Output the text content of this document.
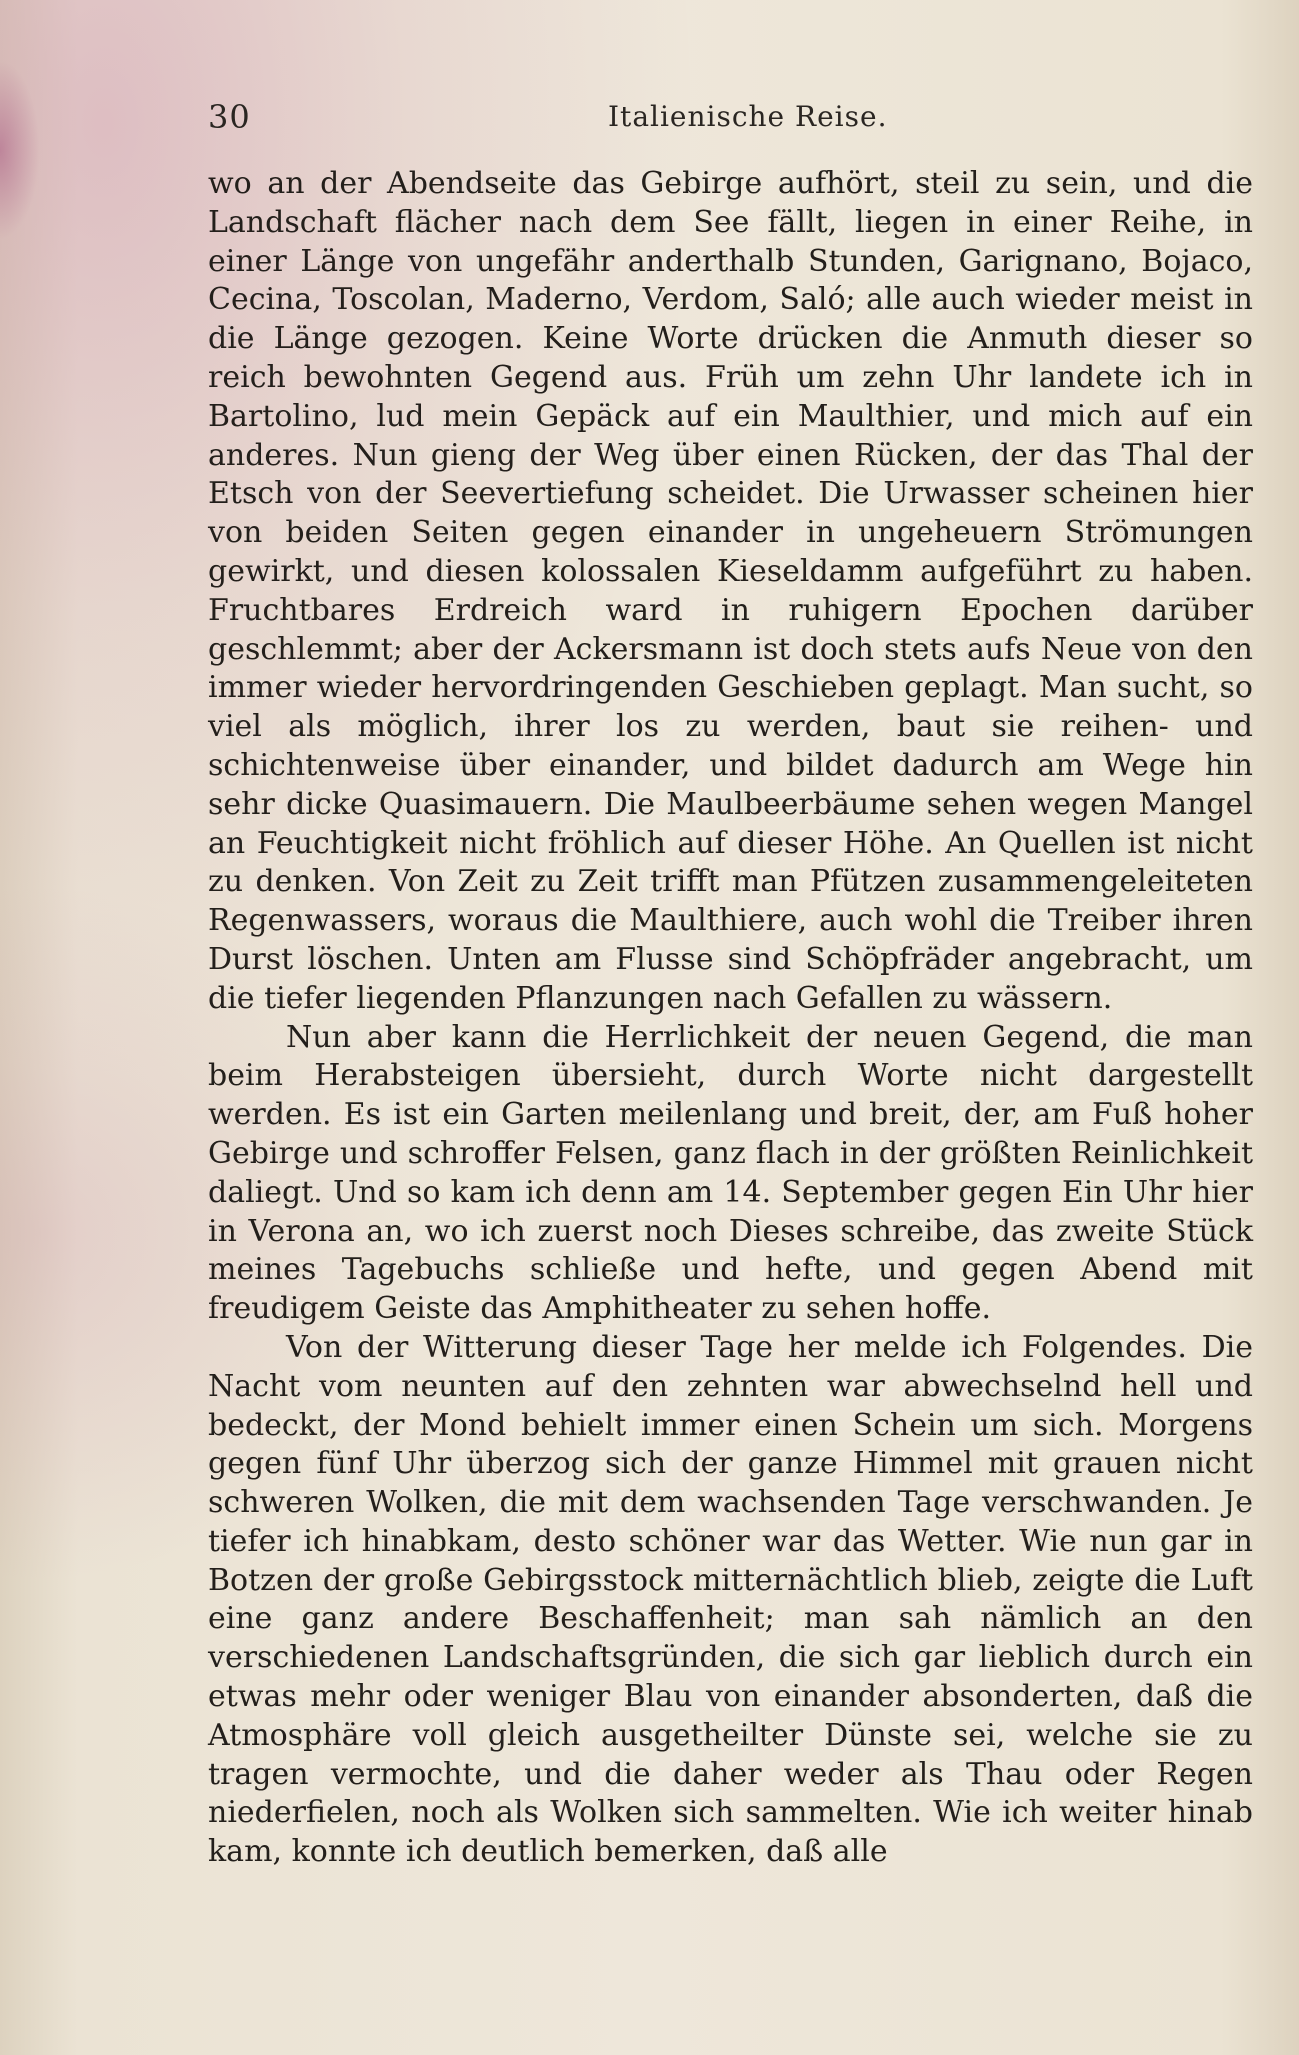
30	Italienische Reise.

wo an der Abendseite das Gebirge aufhört, steil zu sein, und die Landschaft flächer nach dem See fällt, liegen in einer Reihe, in einer Länge von ungefähr anderthalb Stunden, Garignano, Bojaco, Cecina, Toscolan, Maderno, Verdom, Saló; alle auch wieder meist in die Länge gezogen. Keine Worte drücken die Anmuth dieser so reich bewohnten Gegend aus. Früh um zehn Uhr landete ich in Bartolino, lud mein Gepäck auf ein Maulthier, und mich auf ein anderes. Nun gieng der Weg über einen Rücken, der das Thal der Etsch von der Seevertiefung scheidet. Die Urwasser scheinen hier von beiden Seiten gegen einander in ungeheuern Strömungen gewirkt, und diesen kolossalen Kieseldamm aufgeführt zu haben. Fruchtbares Erdreich ward in ruhigern Epochen darüber geschlemmt; aber der Ackersmann ist doch stets aufs Neue von den immer wieder hervordringenden Geschieben geplagt. Man sucht, so viel als möglich, ihrer los zu werden, baut sie reihen- und schichtenweise über einander, und bildet dadurch am Wege hin sehr dicke Quasimauern. Die Maulbeerbäume sehen wegen Mangel an Feuchtigkeit nicht fröhlich auf dieser Höhe. An Quellen ist nicht zu denken. Von Zeit zu Zeit trifft man Pfützen zusammengeleiteten Regenwassers, woraus die Maulthiere, auch wohl die Treiber ihren Durst löschen. Unten am Flusse sind Schöpfräder angebracht, um die tiefer liegenden Pflanzungen nach Gefallen zu wässern.

Nun aber kann die Herrlichkeit der neuen Gegend, die man beim Herabsteigen übersieht, durch Worte nicht dargestellt werden. Es ist ein Garten meilenlang und breit, der, am Fuß hoher Gebirge und schroffer Felsen, ganz flach in der größten Reinlichkeit daliegt. Und so kam ich denn am 14. September gegen Ein Uhr hier in Verona an, wo ich zuerst noch Dieses schreibe, das zweite Stück meines Tagebuchs schließe und hefte, und gegen Abend mit freudigem Geiste das Amphitheater zu sehen hoffe.

Von der Witterung dieser Tage her melde ich Folgendes. Die Nacht vom neunten auf den zehnten war abwechselnd hell und bedeckt, der Mond behielt immer einen Schein um sich. Morgens gegen fünf Uhr überzog sich der ganze Himmel mit grauen nicht schweren Wolken, die mit dem wachsenden Tage verschwanden. Je tiefer ich hinabkam, desto schöner war das Wetter. Wie nun gar in Botzen der große Gebirgsstock mitternächtlich blieb, zeigte die Luft eine ganz andere Beschaffenheit; man sah nämlich an den verschiedenen Landschaftsgründen, die sich gar lieblich durch ein etwas mehr oder weniger Blau von einander absonderten, daß die Atmosphäre voll gleich ausgetheilter Dünste sei, welche sie zu tragen vermochte, und die daher weder als Thau oder Regen niederfielen, noch als Wolken sich sammelten. Wie ich weiter hinab kam, konnte ich deutlich bemerken, daß alle
